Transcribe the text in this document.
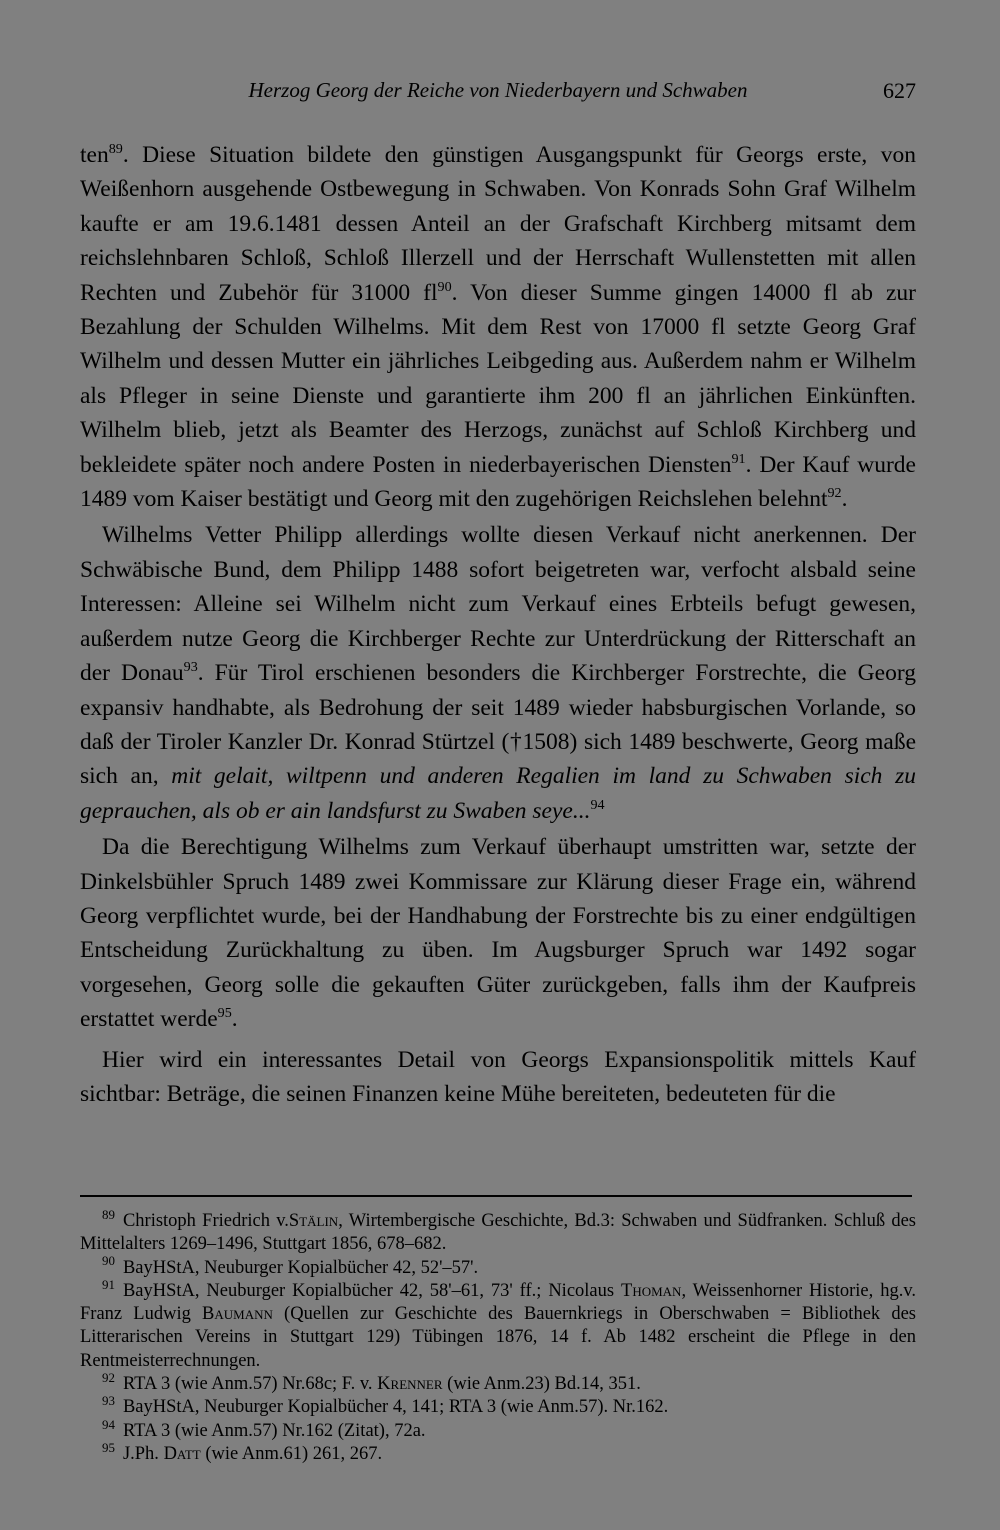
Herzog Georg der Reiche von Niederbayern und Schwaben	627

ten$^{89}$. Diese Situation bildete den günstigen Ausgangspunkt für Georgs erste, von Weißenhorn ausgehende Ostbewegung in Schwaben. Von Konrads Sohn Graf Wilhelm kaufte er am 19.6.1481 dessen Anteil an der Grafschaft Kirchberg mitsamt dem reichslehnbaren Schloß, Schloß Illerzell und der Herrschaft Wullenstetten mit allen Rechten und Zubehör für 31000 $fl^{90}$. Von dieser Summe gingen 14000 fl ab zur Bezahlung der Schulden Wilhelms. Mit dem Rest von 17000 fl setzte Georg Graf Wilhelm und dessen Mutter ein jährliches Leibgeding aus. Außerdem nahm er Wilhelm als Pfleger in seine Dienste und garantierte ihm 200 fl an jährlichen Einkünften. Wilhelm blieb, jetzt als Beamter des Herzogs, zunächst auf Schloß Kirchberg und bekleidete später noch andere Posten in niederbayerischen Diensten$^{91}$. Der Kauf wurde 1489 vom Kaiser bestätigt und Georg mit den zugehörigen Reichslehen belehnt$^{92}$.

Wilhelms Vetter Philipp allerdings wollte diesen Verkauf nicht anerkennen. Der Schwäbische Bund, dem Philipp 1488 sofort beigetreten war, verfocht alsbald seine Interessen: Alleine sei Wilhelm nicht zum Verkauf eines Erbteils befugt gewesen, außerdem nutze Georg die Kirchberger Rechte zur Unterdrückung der Ritterschaft an der Donau$^{93}$. Für Tirol erschienen besonders die Kirchberger Forstrechte, die Georg expansiv handhabte, als Bedrohung der seit 1489 wieder habsburgischen Vorlande, so daß der Tiroler Kanzler Dr. Konrad Stürtzel (†1508) sich 1489 beschwerte, Georg maße sich an, mit gelait, wiltpenn und anderen Regalien im land zu Schwaben sich zu geprauchen, als ob er ain landsfurst zu Swaben seye...$^{94}$

Da die Berechtigung Wilhelms zum Verkauf überhaupt umstritten war, setzte der Dinkelsbühler Spruch 1489 zwei Kommissare zur Klärung dieser Frage ein, während Georg verpflichtet wurde, bei der Handhabung der Forstrechte bis zu einer endgültigen Entscheidung Zurückhaltung zu üben. Im Augsburger Spruch war 1492 sogar vorgesehen, Georg solle die gekauften Güter zurückgeben, falls ihm der Kaufpreis erstattet werde$^{95}$.

Hier wird ein interessantes Detail von Georgs Expansionspolitik mittels Kauf sichtbar: Beträge, die seinen Finanzen keine Mühe bereiteten, bedeuteten für die

$^{89}$ Christoph Friedrich v.Stälin, Wirtembergische Geschichte, Bd.3: Schwaben und Südfranken. Schluß des Mittelalters 1269–1496, Stuttgart 1856, 678–682.

$^{90}$ BayHStA, Neuburger Kopialbücher 42, 52'–57'.

$^{91}$ BayHStA, Neuburger Kopialbücher 42, 58'–61, 73' ff.; Nicolaus Thoman, Weissenhorner Historie, hg.v. Franz Ludwig Baumann (Quellen zur Geschichte des Bauernkriegs in Oberschwaben = Bibliothek des Litterarischen Vereins in Stuttgart 129) Tübingen 1876, 14 f. Ab 1482 erscheint die Pflege in den Rentmeisterrechnungen.

$^{92}$ RTA 3 (wie Anm.57) Nr.68c; F. v. Krenner (wie Anm.23) Bd.14, 351.

$^{93}$ BayHStA, Neuburger Kopialbücher 4, 141; RTA 3 (wie Anm.57). Nr.162.

$^{94}$ RTA 3 (wie Anm.57) Nr.162 (Zitat), 72a.

$^{95}$ J.Ph. Datt (wie Anm.61) 261, 267.
